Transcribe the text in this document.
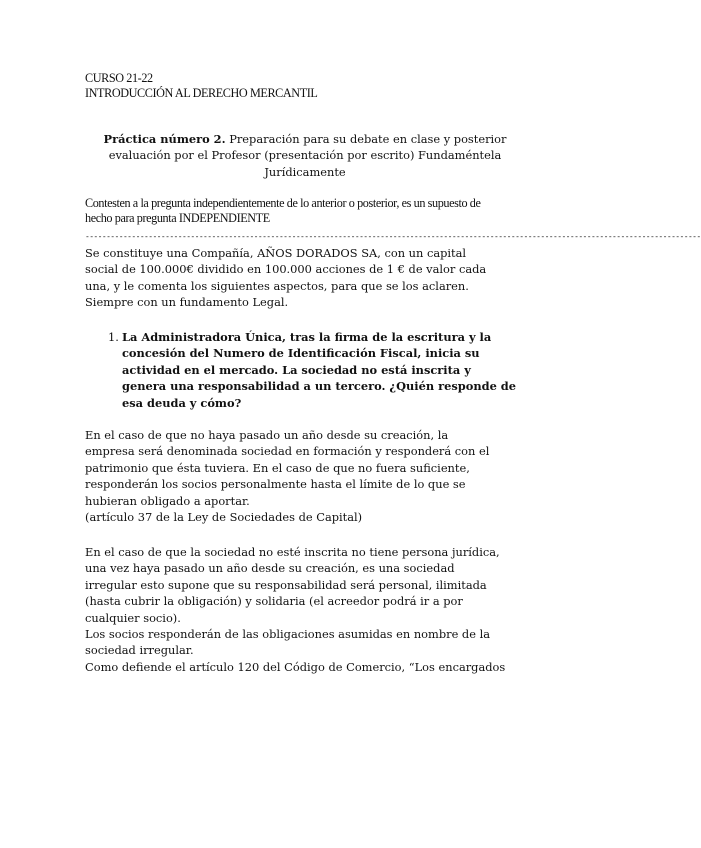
CURSO 21-22
INTRODUCCIÓN AL DERECHO MERCANTIL
Práctica número 2. Preparación para su debate en clase y posterior
evaluación por el Profesor (presentación por escrito) Fundaméntela
Jurídicamente
Contesten a la pregunta independientemente de lo anterior o posterior, es un supuesto de
hecho para pregunta INDEPENDIENTE
--------------------------------------------------------------------------------------------------------------------------------------------------
Se constituye una Compañía, AÑOS DORADOS SA, con un capital
social de 100.000€ dividido en 100.000 acciones de 1 € de valor cada
una, y le comenta los siguientes aspectos, para que se los aclaren.
Siempre con un fundamento Legal.
1. La Administradora Única, tras la firma de la escritura y la
concesión del Numero de Identificación Fiscal, inicia su
actividad en el mercado. La sociedad no está inscrita y
genera una responsabilidad a un tercero. ¿Quién responde de
esa deuda y cómo?
En el caso de que no haya pasado un año desde su creación, la
empresa será denominada sociedad en formación y responderá con el
patrimonio que ésta tuviera. En el caso de que no fuera suficiente,
responderán los socios personalmente hasta el límite de lo que se
hubieran obligado a aportar.
(artículo 37 de la Ley de Sociedades de Capital)
En el caso de que la sociedad no esté inscrita no tiene persona jurídica,
una vez haya pasado un año desde su creación, es una sociedad
irregular esto supone que su responsabilidad será personal, ilimitada
(hasta cubrir la obligación) y solidaria (el acreedor podrá ir a por
cualquier socio).
Los socios responderán de las obligaciones asumidas en nombre de la
sociedad irregular.
Como defiende el artículo 120 del Código de Comercio, “Los encargados
